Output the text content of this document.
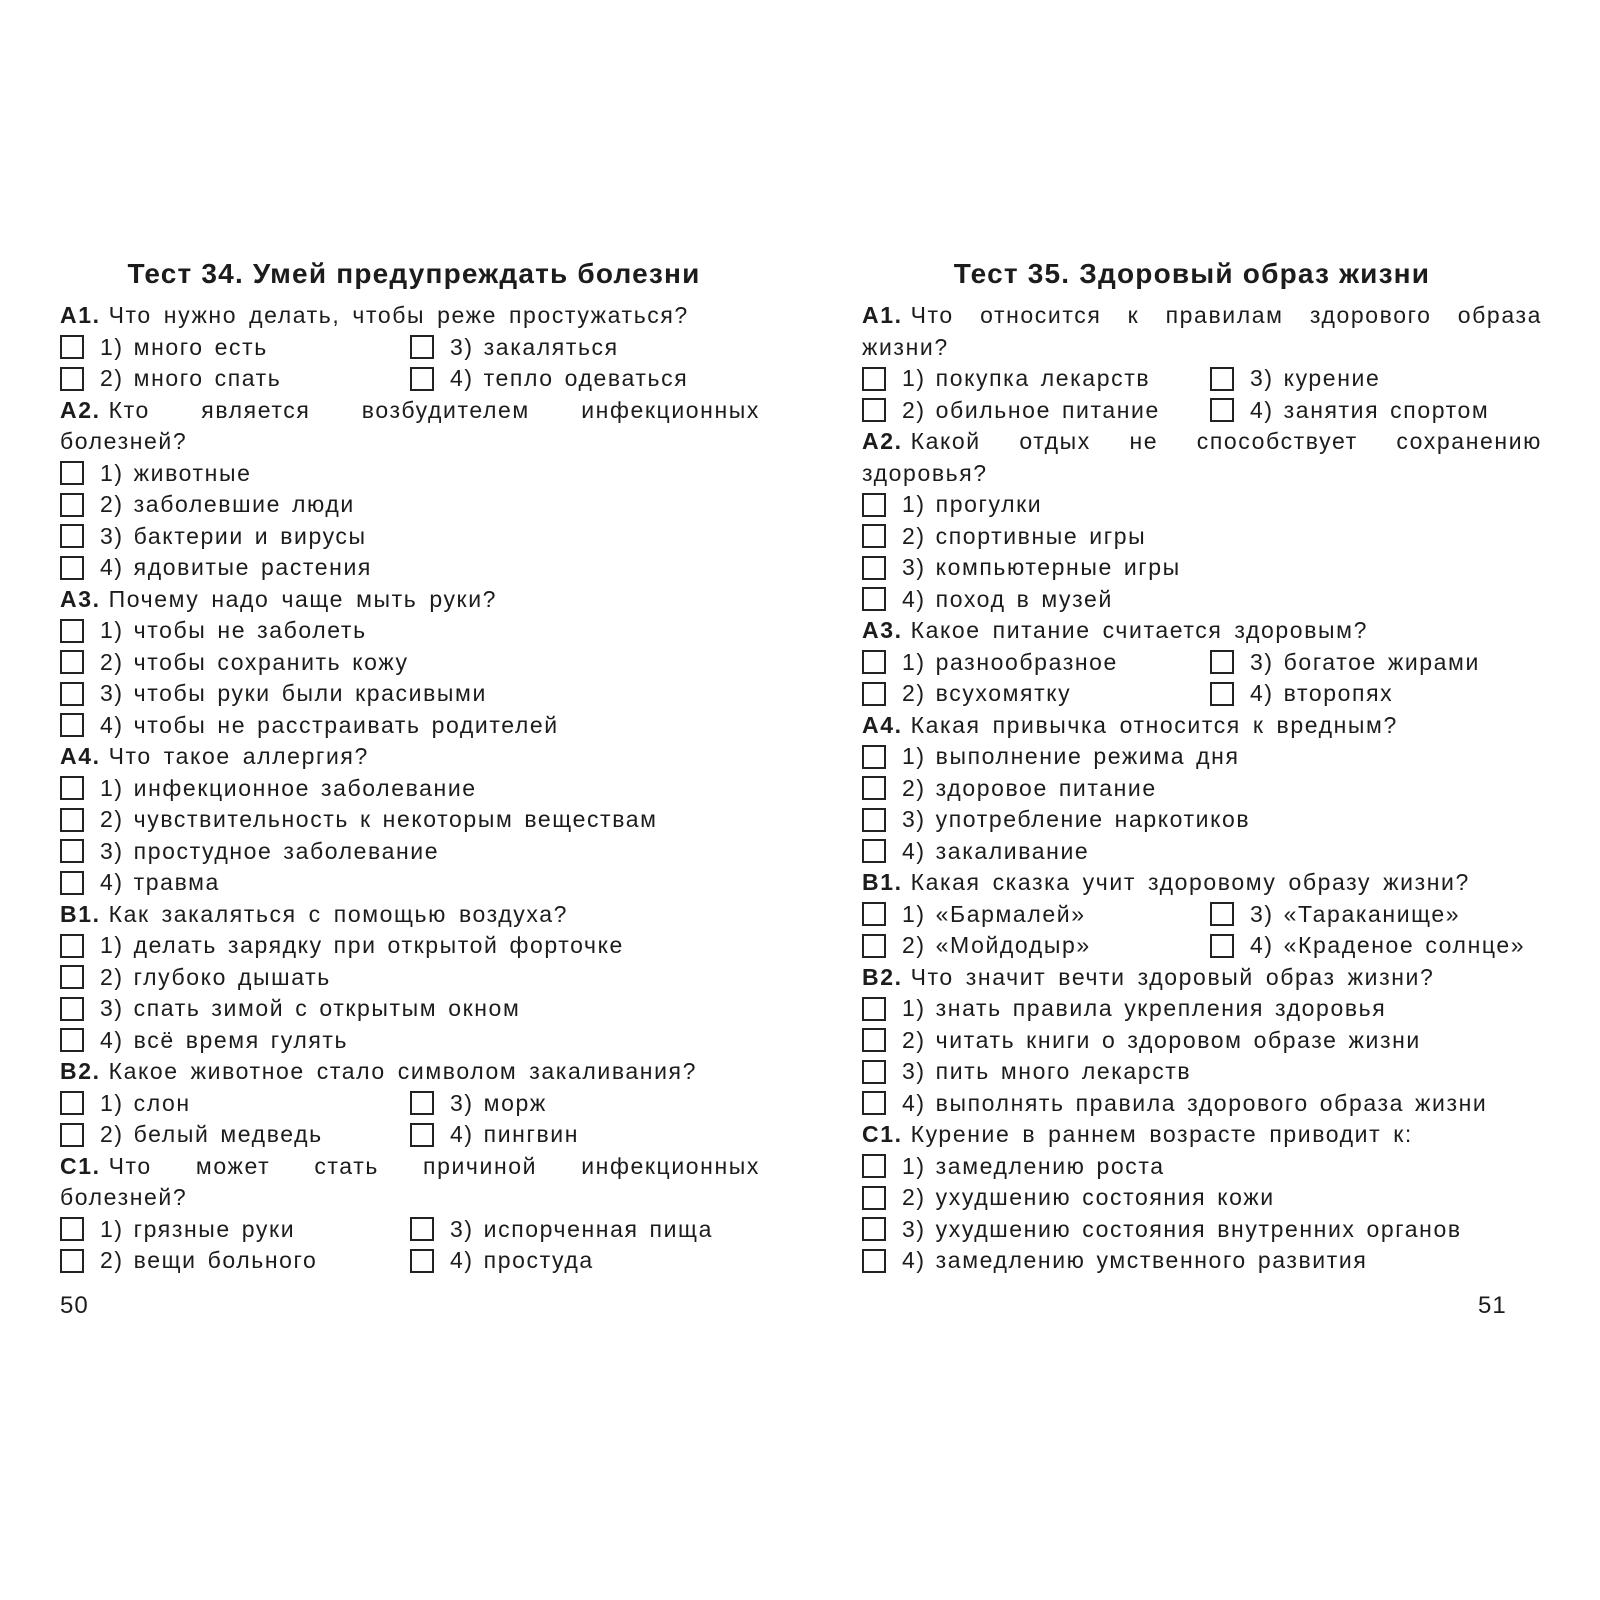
Тест 34. Умей предупреждать болезни
A1. Что нужно делать, чтобы реже простужаться?
1) много есть	3) закаляться
2) много спать	4) тепло одеваться
A2. Кто является возбудителем инфекционных болезней?
1) животные
2) заболевшие люди
3) бактерии и вирусы
4) ядовитые растения
A3. Почему надо чаще мыть руки?
1) чтобы не заболеть
2) чтобы сохранить кожу
3) чтобы руки были красивыми
4) чтобы не расстраивать родителей
A4. Что такое аллергия?
1) инфекционное заболевание
2) чувствительность к некоторым веществам
3) простудное заболевание
4) травма
B1. Как закаляться с помощью воздуха?
1) делать зарядку при открытой форточке
2) глубоко дышать
3) спать зимой с открытым окном
4) всё время гулять
B2. Какое животное стало символом закаливания?
1) слон	3) морж
2) белый медведь	4) пингвин
C1. Что может стать причиной инфекционных болезней?
1) грязные руки	3) испорченная пища
2) вещи больного	4) простуда
Тест 35. Здоровый образ жизни
A1. Что относится к правилам здорового образа жизни?
1) покупка лекарств	3) курение
2) обильное питание	4) занятия спортом
A2. Какой отдых не способствует сохранению здоровья?
1) прогулки
2) спортивные игры
3) компьютерные игры
4) поход в музей
A3. Какое питание считается здоровым?
1) разнообразное	3) богатое жирами
2) всухомятку	4) второпях
A4. Какая привычка относится к вредным?
1) выполнение режима дня
2) здоровое питание
3) употребление наркотиков
4) закаливание
B1. Какая сказка учит здоровому образу жизни?
1) «Бармалей»	3) «Тараканище»
2) «Мойдодыр»	4) «Краденое солнце»
B2. Что значит вечти здоровый образ жизни?
1) знать правила укрепления здоровья
2) читать книги о здоровом образе жизни
3) пить много лекарств
4) выполнять правила здорового образа жизни
C1. Курение в раннем возрасте приводит к:
1) замедлению роста
2) ухудшению состояния кожи
3) ухудшению состояния внутренних органов
4) замедлению умственного развития
50	51
